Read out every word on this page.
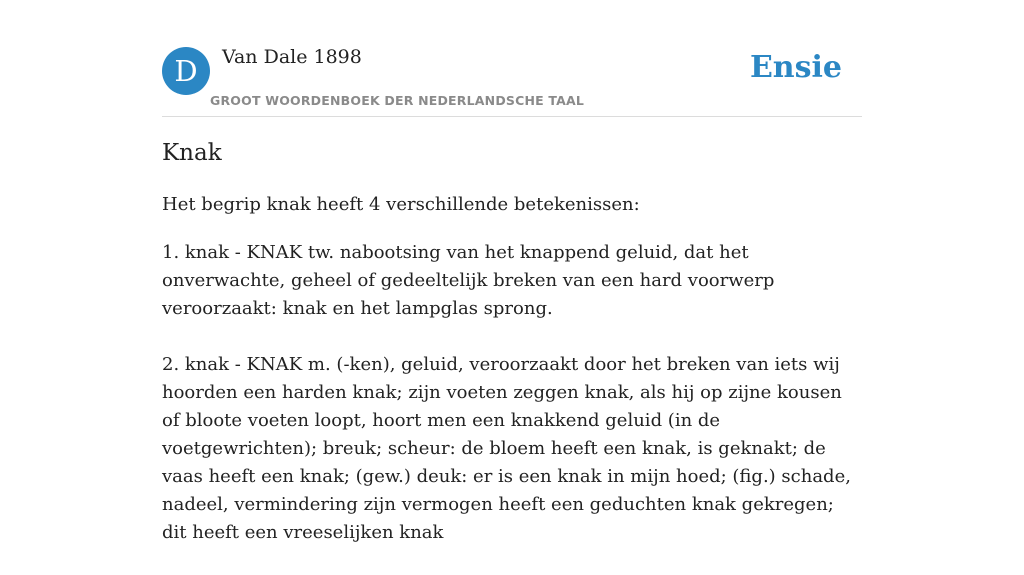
D	Van Dale 1898
GROOT WOORDENBOEK DER NEDERLANDSCHE TAAL
Ensie
Knak
Het begrip knak heeft 4 verschillende betekenissen:

1. knak - KNAK tw. nabootsing van het knappend geluid, dat het onverwachte, geheel of gedeeltelijk breken van een hard voorwerp veroorzaakt: knak en het lampglas sprong.

2. knak - KNAK m. (-ken), geluid, veroorzaakt door het breken van iets wij hoorden een harden knak; zijn voeten zeggen knak, als hij op zijne kousen of bloote voeten loopt, hoort men een knakkend geluid (in de voetgewrichten); breuk; scheur: de bloem heeft een knak, is geknakt; de vaas heeft een knak; (gew.) deuk: er is een knak in mijn hoed; (fig.) schade, nadeel, vermindering zijn vermogen heeft een geduchten knak gekregen; dit heeft een vreeselijken knak
